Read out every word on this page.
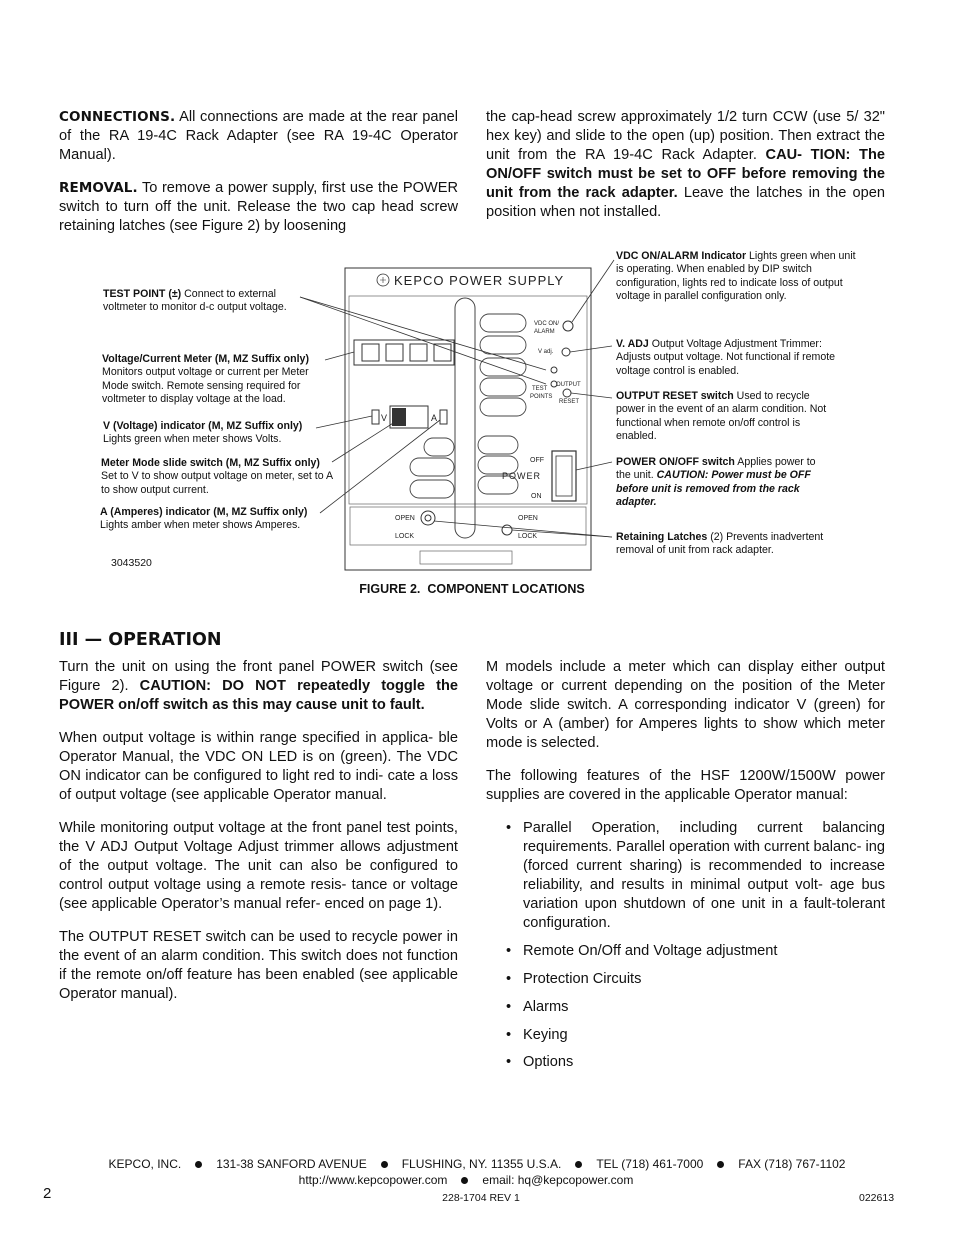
CONNECTIONS. All connections are made at the rear panel of the RA 19-4C Rack Adapter (see RA 19-4C Operator Manual).

REMOVAL. To remove a power supply, first use the POWER switch to turn off the unit. Release the two cap head screw retaining latches (see Figure 2) by loosening

the cap-head screw approximately 1/2 turn CCW (use 5/ 32" hex key) and slide to the open (up) position. Then extract the unit from the RA 19-4C Rack Adapter. CAU- TION: The ON/OFF switch must be set to OFF before removing the unit from the rack adapter. Leave the latches in the open position when not installed.

KEPCO POWER SUPPLY
V	A
VDC ON/
ALARM
V adj.
TEST
POINTS
OUTPUT
RESET
OFF
POWER
ON
OPEN
LOCK
OPEN
LOCK
3043520
TEST POINT (±) Connect to external voltmeter to monitor d-c output voltage.
Voltage/Current Meter (M, MZ Suffix only)
Monitors output voltage or current per Meter Mode switch. Remote sensing required for voltmeter to display voltage at the load.
V (Voltage) indicator (M, MZ Suffix only)
Lights green when meter shows Volts.
Meter Mode slide switch (M, MZ Suffix only)
Set to V to show output voltage on meter, set to A to show output current.
A (Amperes) indicator (M, MZ Suffix only)
Lights amber when meter shows Amperes.
VDC ON/ALARM Indicator Lights green when unit is operating. When enabled by DIP switch configuration, lights red to indicate loss of output voltage in parallel configuration only.
V. ADJ Output Voltage Adjustment Trimmer: Adjusts output voltage. Not functional if remote voltage control is enabled.
OUTPUT RESET switch Used to recycle power in the event of an alarm condition. Not functional when remote on/off control is enabled.
POWER ON/OFF switch Applies power to the unit. CAUTION: Power must be OFF before unit is removed from the rack adapter.
Retaining Latches (2) Prevents inadvertent removal of unit from rack adapter.
FIGURE 2.  COMPONENT LOCATIONS
III — OPERATION

Turn the unit on using the front panel POWER switch (see Figure 2). CAUTION: DO NOT repeatedly toggle the POWER on/off switch as this may cause unit to fault.

When output voltage is within range specified in applica- ble Operator Manual, the VDC ON LED is on (green). The VDC ON indicator can be configured to light red to indi- cate a loss of output voltage (see applicable Operator manual.

While monitoring output voltage at the front panel test points, the V ADJ Output Voltage Adjust trimmer allows adjustment of the output voltage. The unit can also be configured to control output voltage using a remote resis- tance or voltage (see applicable Operator’s manual refer- enced on page 1).

The OUTPUT RESET switch can be used to recycle power in the event of an alarm condition. This switch does not function if the remote on/off feature has been enabled (see applicable Operator manual).

M models include a meter which can display either output voltage or current depending on the position of the Meter Mode slide switch. A corresponding indicator V (green) for Volts or A (amber) for Amperes lights to show which meter mode is selected.

The following features of the HSF 1200W/1500W power supplies are covered in the applicable Operator manual:

• Parallel Operation, including current balancing requirements. Parallel operation with current balanc- ing (forced current sharing) is recommended to increase reliability, and results in minimal output volt- age bus variation upon shutdown of one unit in a fault-tolerant configuration.
• Remote On/Off and Voltage adjustment
• Protection Circuits
• Alarms
• Keying
• Options
KEPCO, INC.	131-38 SANFORD AVENUE	FLUSHING, NY. 11355 U.S.A.	TEL (718) 461-7000	FAX (718) 767-1102
http://www.kepcopower.com	email: hq@kepcopower.com
2	228-1704 REV 1	022613
